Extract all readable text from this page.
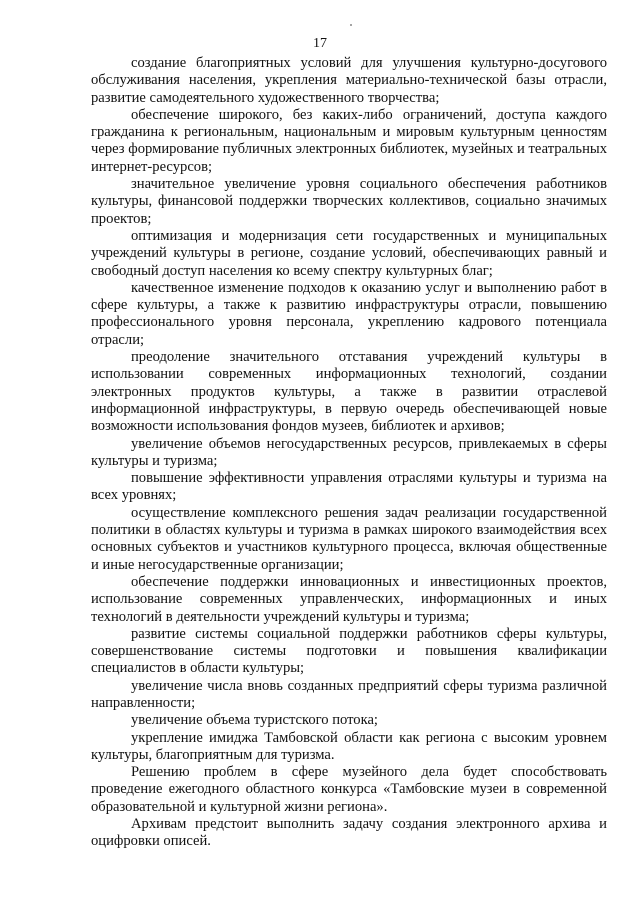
17

создание благоприятных условий для улучшения культурно-досугового обслуживания населения, укрепления материально-технической базы отрасли, развитие самодеятельного художественного творчества;

обеспечение широкого, без каких-либо ограничений, доступа каждого гражданина к региональным, национальным и мировым культурным ценностям через формирование публичных электронных библиотек, музейных и театральных интернет-ресурсов;

значительное увеличение уровня социального обеспечения работников культуры, финансовой поддержки творческих коллективов, социально значимых проектов;

оптимизация и модернизация сети государственных и муниципальных учреждений культуры в регионе, создание условий, обеспечивающих равный и свободный доступ населения ко всему спектру культурных благ;

качественное изменение подходов к оказанию услуг и выполнению работ в сфере культуры, а также к развитию инфраструктуры отрасли, повышению профессионального уровня персонала, укреплению кадрового потенциала отрасли;

преодоление значительного отставания учреждений культуры в использовании современных информационных технологий, создании электронных продуктов культуры, а также в развитии отраслевой информационной инфраструктуры, в первую очередь обеспечивающей новые возможности использования фондов музеев, библиотек и архивов;

увеличение объемов негосударственных ресурсов, привлекаемых в сферы культуры и туризма;

повышение эффективности управления отраслями культуры и туризма на всех уровнях;

осуществление комплексного решения задач реализации государственной политики в областях культуры и туризма в рамках широкого взаимодействия всех основных субъектов и участников культурного процесса, включая общественные и иные негосударственные организации;

обеспечение поддержки инновационных и инвестиционных проектов, использование современных управленческих, информационных и иных технологий в деятельности учреждений культуры и туризма;

развитие системы социальной поддержки работников сферы культуры, совершенствование системы подготовки и повышения квалификации специалистов в области культуры;

увеличение числа вновь созданных предприятий сферы туризма различной направленности;

увеличение объема туристского потока;

укрепление имиджа Тамбовской области как региона с высоким уровнем культуры, благоприятным для туризма.

Решению проблем в сфере музейного дела будет способствовать проведение ежегодного областного конкурса «Тамбовские музеи в современной образовательной и культурной жизни региона».

Архивам предстоит выполнить задачу создания электронного архива и оцифровки описей.
